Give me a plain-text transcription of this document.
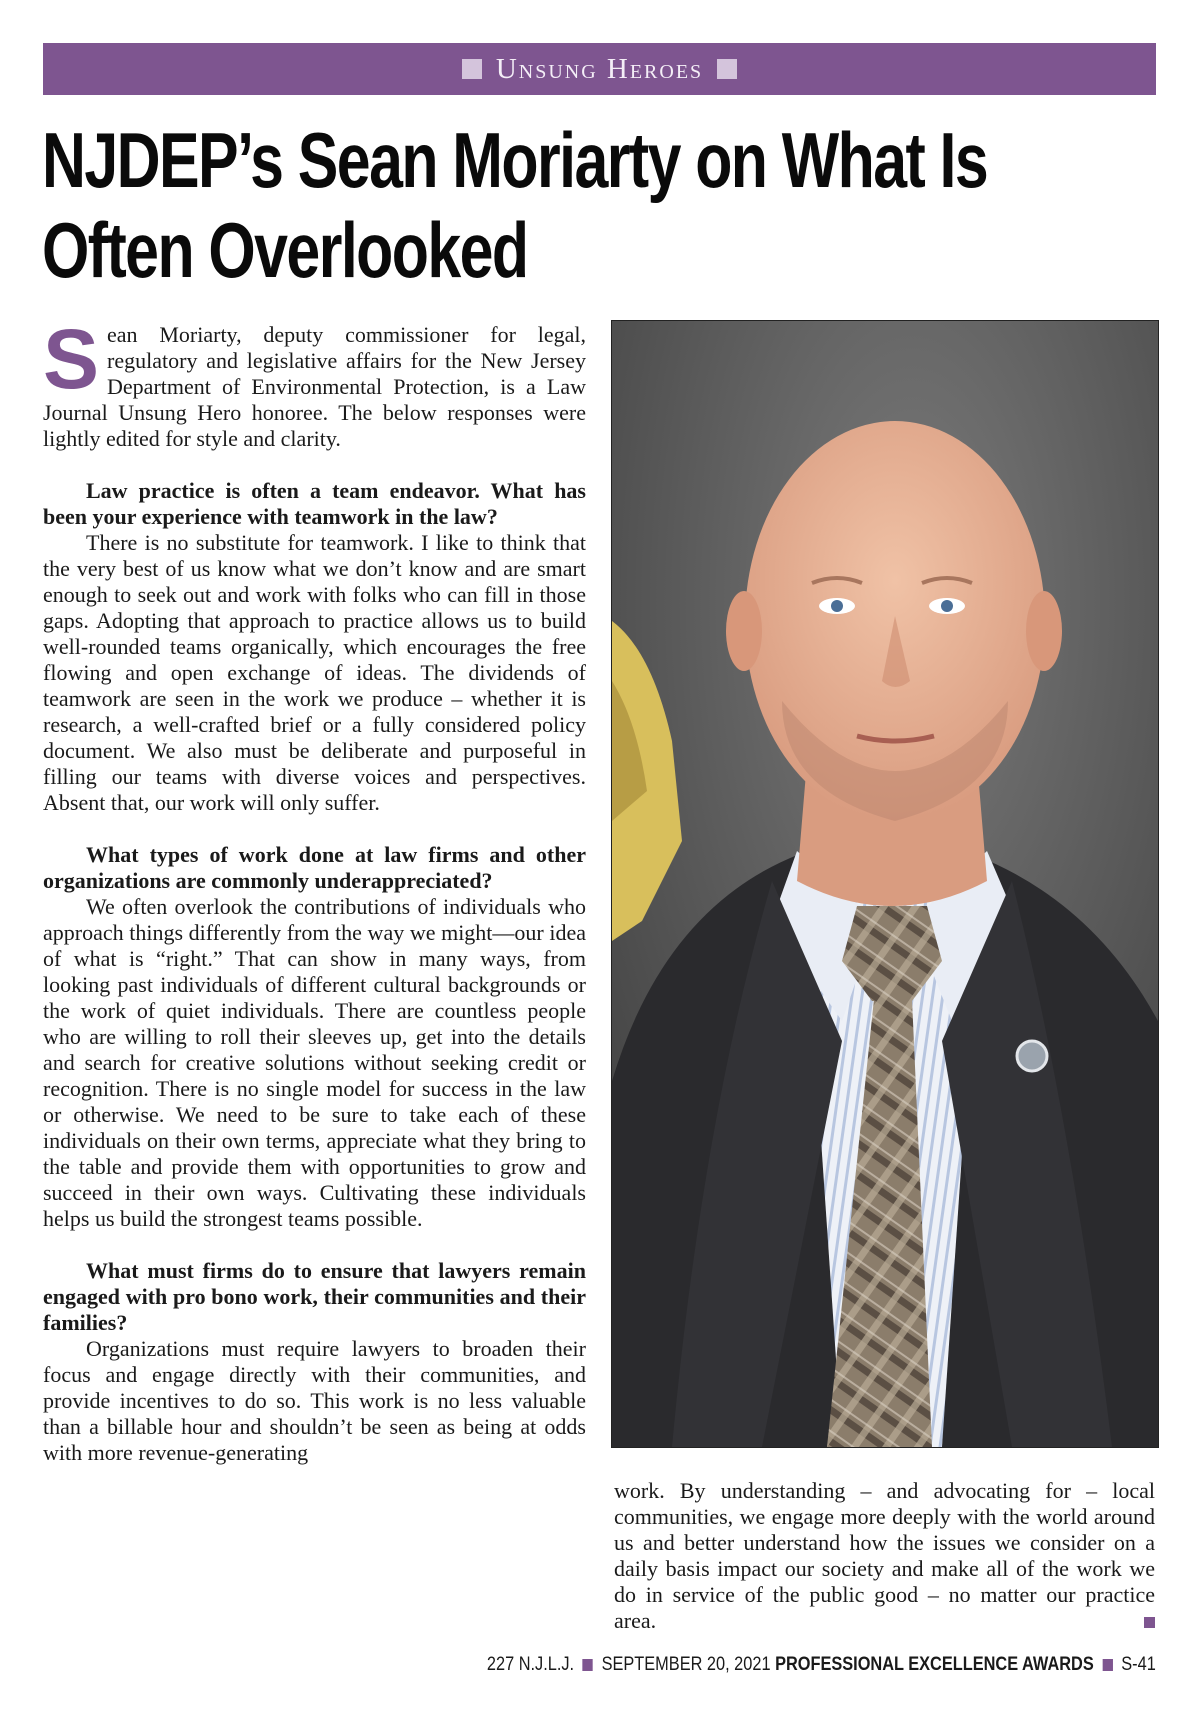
Unsung Heroes
NJDEP’s Sean Moriarty on What Is
Often Overlooked

Sean Moriarty, deputy commissioner for legal, regulatory and legislative affairs for the New Jersey Department of Environmental Protection, is a Law Journal Unsung Hero honoree. The below responses were lightly edited for style and clarity.

Law practice is often a team endeavor. What has been your experience with teamwork in the law?

There is no substitute for teamwork. I like to think that the very best of us know what we don’t know and are smart enough to seek out and work with folks who can fill in those gaps. Adopting that approach to practice allows us to build well-rounded teams organically, which encourages the free flowing and open exchange of ideas. The dividends of teamwork are seen in the work we produce – whether it is research, a well-crafted brief or a fully considered policy document. We also must be deliberate and purposeful in filling our teams with diverse voices and perspectives. Absent that, our work will only suffer.

What types of work done at law firms and other organizations are commonly underappreciated?

We often overlook the contributions of individuals who approach things differently from the way we might—our idea of what is “right.” That can show in many ways, from looking past individuals of different cultural backgrounds or the work of quiet individuals. There are countless people who are willing to roll their sleeves up, get into the details and search for creative solutions without seeking credit or recognition. There is no single model for success in the law or otherwise. We need to be sure to take each of these individuals on their own terms, appreciate what they bring to the table and provide them with opportunities to grow and succeed in their own ways. Cultivating these individuals helps us build the strongest teams possible.

What must firms do to ensure that lawyers remain engaged with pro bono work, their communities and their families?

Organizations must require lawyers to broaden their focus and engage directly with their communities, and provide incentives to do so. This work is no less valuable than a billable hour and shouldn’t be seen as being at odds with more revenue-generating

work. By understanding – and advocating for – local communities, we engage more deeply with the world around us and better understand how the issues we consider on a daily basis impact our society and make all of the work we do in service of the public good – no matter our practice area.

227 N.J.L.J. SEPTEMBER 20, 2021
PROFESSIONAL EXCELLENCE AWARDS S-41
